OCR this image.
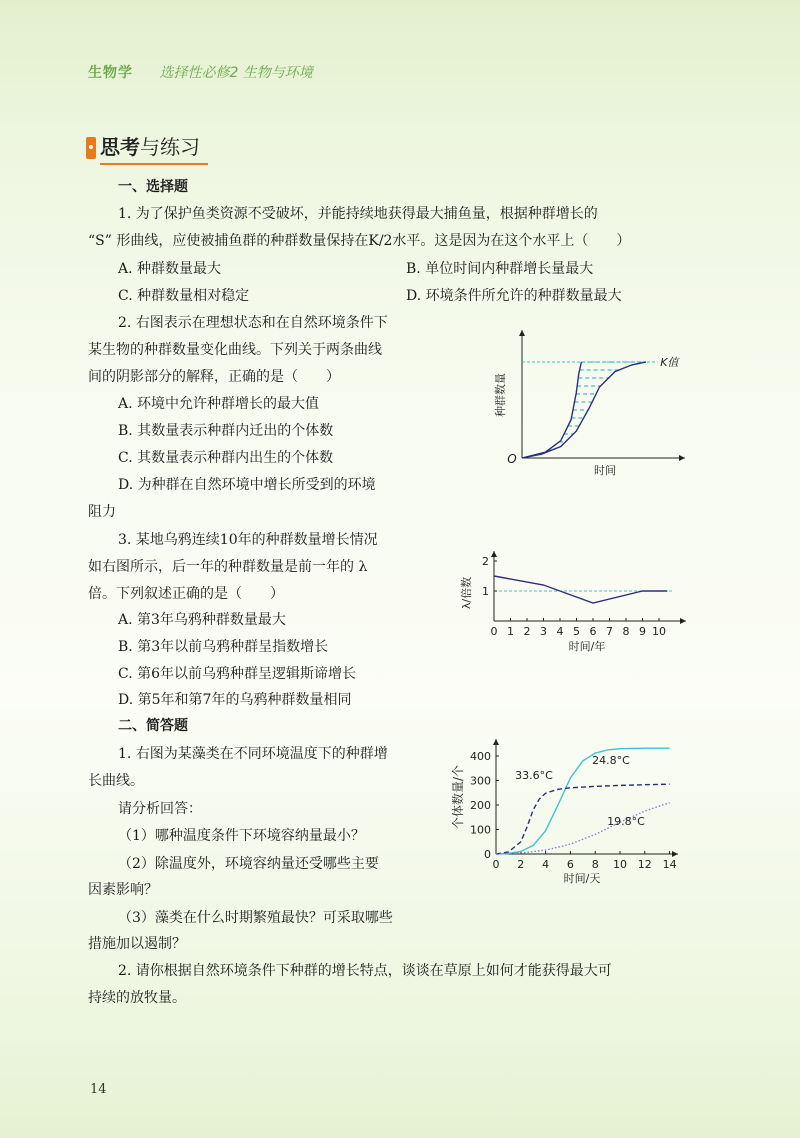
生物学 选择性必修2 生物与环境
思考与练习
一、选择题
1. 为了保护鱼类资源不受破坏，并能持续地获得最大捕鱼量，根据种群增长的
“S” 形曲线，应使被捕鱼群的种群数量保持在K/2水平。这是因为在这个水平上（　　）
A. 种群数量最大	B. 单位时间内种群增长量最大
C. 种群数量相对稳定	D. 环境条件所允许的种群数量最大
2. 右图表示在理想状态和在自然环境条件下
某生物的种群数量变化曲线。下列关于两条曲线
间的阴影部分的解释，正确的是（　　）
A. 环境中允许种群增长的最大值
B. 其数量表示种群内迁出的个体数
C. 其数量表示种群内出生的个体数
D. 为种群在自然环境中增长所受到的环境
阻力
3. 某地乌鸦连续10年的种群数量增长情况
如右图所示，后一年的种群数量是前一年的 λ
倍。下列叙述正确的是（　　）
A. 第3年乌鸦种群数量最大
B. 第3年以前乌鸦种群呈指数增长
C. 第6年以前乌鸦种群呈逻辑斯谛增长
D. 第5年和第7年的乌鸦种群数量相同
二、简答题
1. 右图为某藻类在不同环境温度下的种群增
长曲线。
请分析回答：
（1）哪种温度条件下环境容纳量最小？
（2）除温度外，环境容纳量还受哪些主要
因素影响？
（3）藻类在什么时期繁殖最快？可采取哪些
措施加以遏制？
2. 请你根据自然环境条件下种群的增长特点，谈谈在草原上如何才能获得最大可
持续的放牧量。
14
K值
O
时间
种群数量
0 1 2 3 4 5 6 7 8 9 10
1
2
时间/年
λ/倍数
0 2 4 6 8 10 12 14
0
100
200
300
400	24.8°C
33.6°C
19.8°C
时间/天
个体数量/个
